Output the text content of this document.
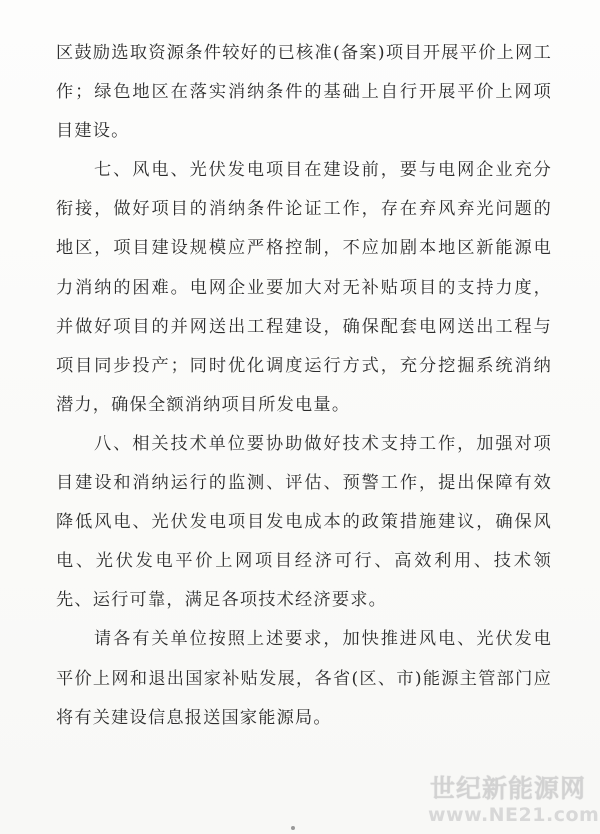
区鼓励选取资源条件较好的已核准(备案)项目开展平价上网工作；绿色地区在落实消纳条件的基础上自行开展平价上网项目建设。

七、风电、光伏发电项目在建设前，要与电网企业充分衔接，做好项目的消纳条件论证工作，存在弃风弃光问题的地区，项目建设规模应严格控制，不应加剧本地区新能源电力消纳的困难。电网企业要加大对无补贴项目的支持力度，并做好项目的并网送出工程建设，确保配套电网送出工程与项目同步投产；同时优化调度运行方式，充分挖掘系统消纳潜力，确保全额消纳项目所发电量。

八、相关技术单位要协助做好技术支持工作，加强对项目建设和消纳运行的监测、评估、预警工作，提出保障有效降低风电、光伏发电项目发电成本的政策措施建议，确保风电、光伏发电平价上网项目经济可行、高效利用、技术领先、运行可靠，满足各项技术经济要求。

请各有关单位按照上述要求，加快推进风电、光伏发电平价上网和退出国家补贴发展，各省(区、市)能源主管部门应将有关建设信息报送国家能源局。

世纪新能源网
www.NE21.com
